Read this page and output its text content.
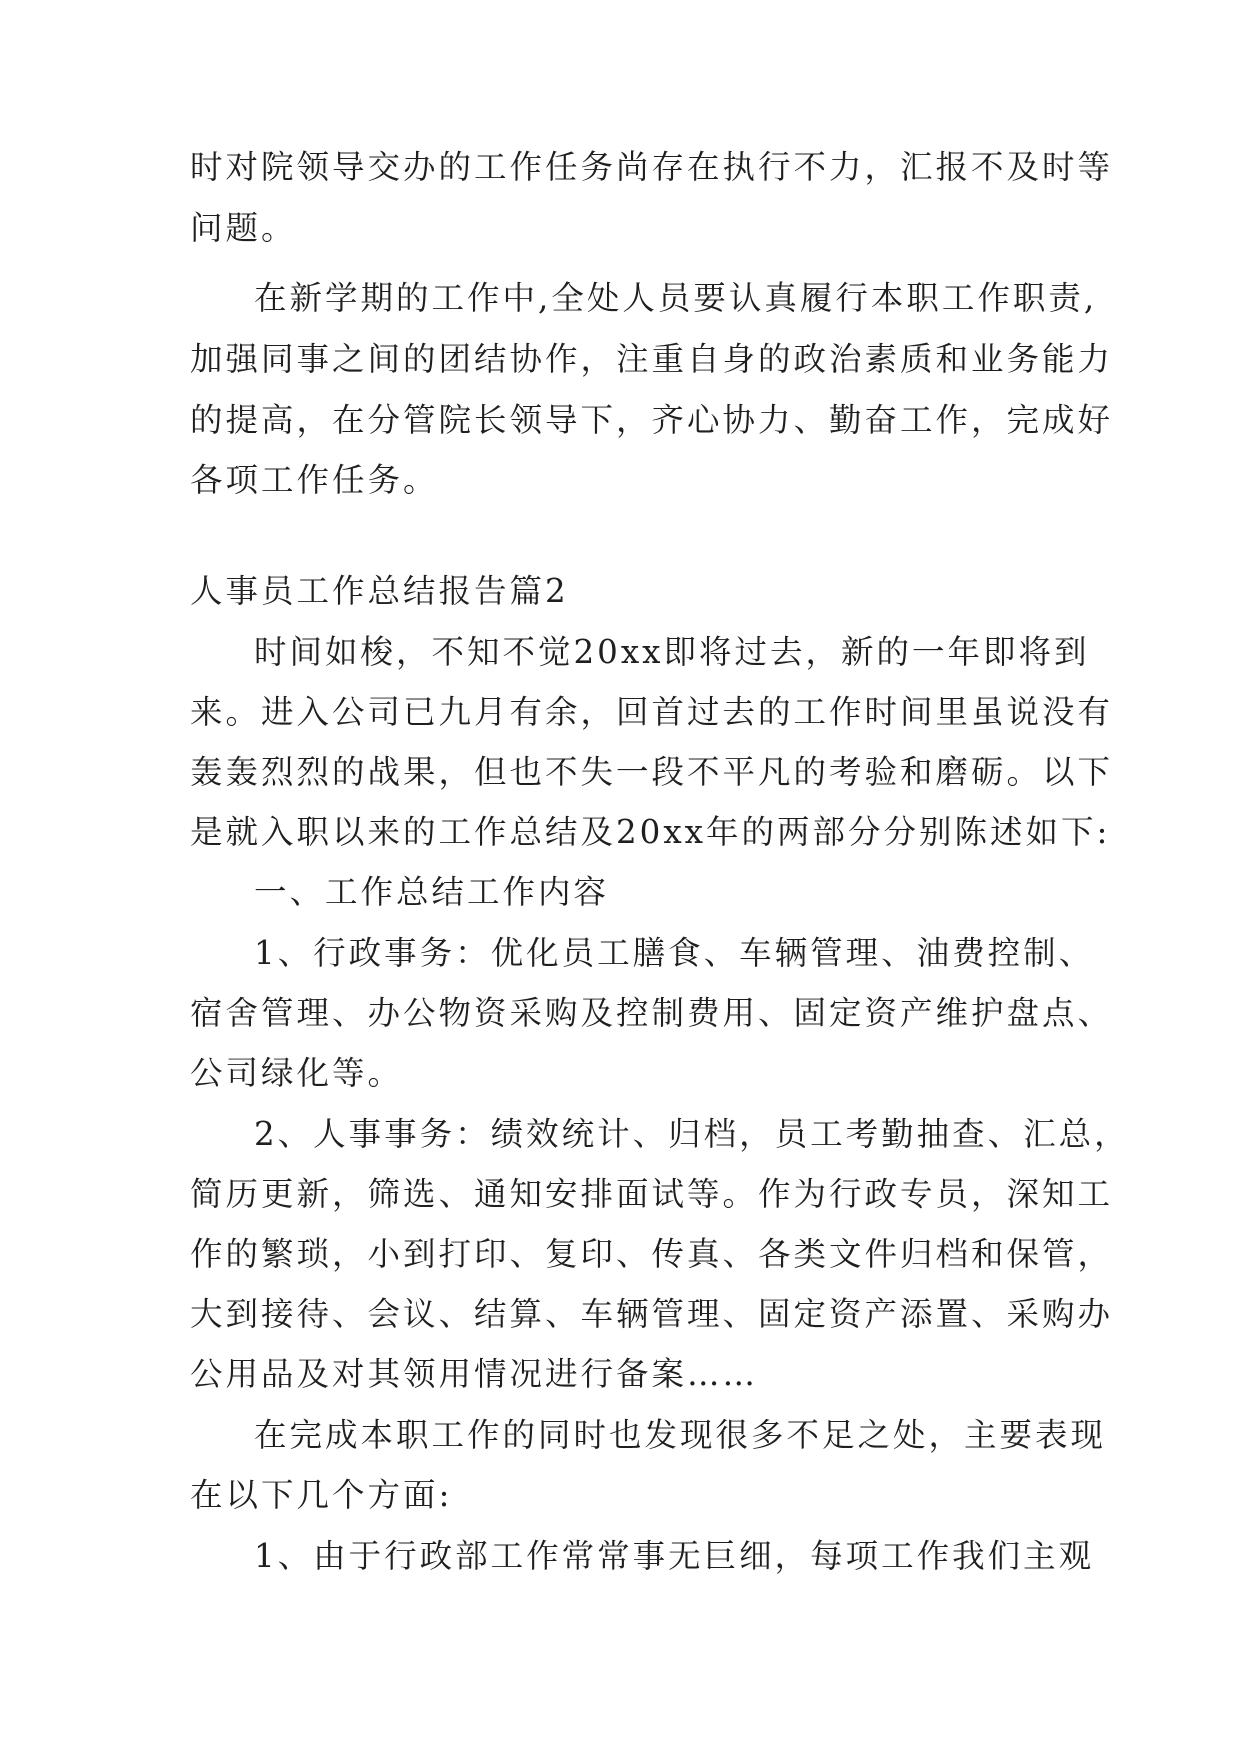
时对院领导交办的工作任务尚存在执行不力，汇报不及时等

问题。

在新学期的工作中,全处人员要认真履行本职工作职责,

加强同事之间的团结协作，注重自身的政治素质和业务能力

的提高，在分管院长领导下，齐心协力、勤奋工作，完成好

各项工作任务。

人事员工作总结报告篇2

时间如梭，不知不觉20xx即将过去，新的一年即将到

来。进入公司已九月有余，回首过去的工作时间里虽说没有

轰轰烈烈的战果，但也不失一段不平凡的考验和磨砺。以下

是就入职以来的工作总结及20xx年的两部分分别陈述如下:

一、工作总结工作内容

1、行政事务：优化员工膳食、车辆管理、油费控制、

宿舍管理、办公物资采购及控制费用、固定资产维护盘点、

公司绿化等。

2、人事事务：绩效统计、归档，员工考勤抽查、汇总，

简历更新，筛选、通知安排面试等。作为行政专员，深知工

作的繁琐，小到打印、复印、传真、各类文件归档和保管，

大到接待、会议、结算、车辆管理、固定资产添置、采购办

公用品及对其领用情况进行备案……

在完成本职工作的同时也发现很多不足之处，主要表现

在以下几个方面:

1、由于行政部工作常常事无巨细，每项工作我们主观
